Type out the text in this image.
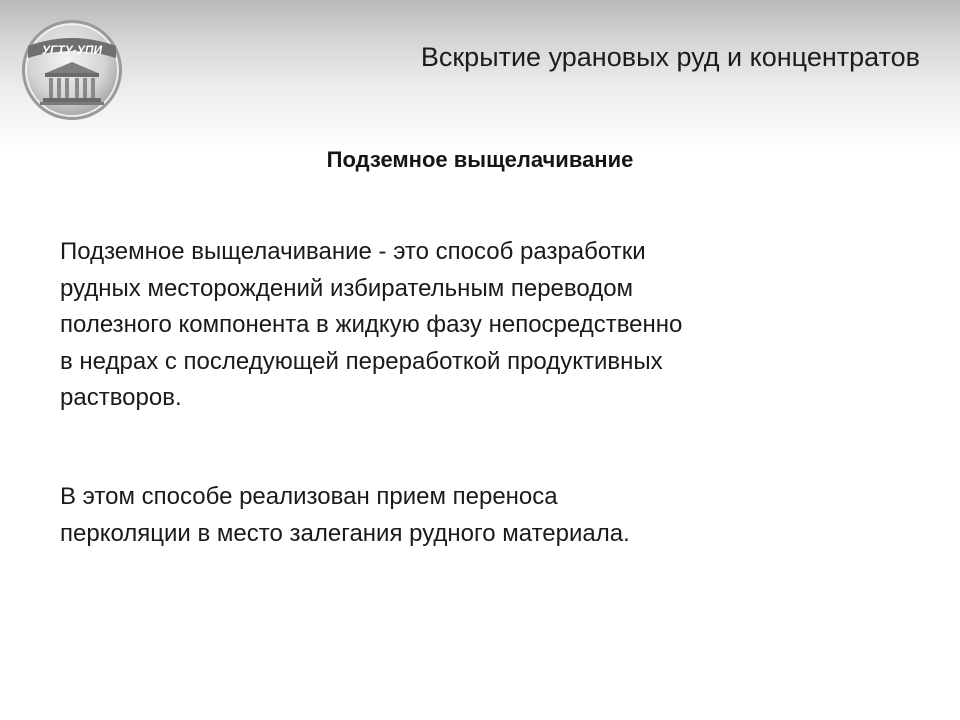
УГТУ-УПИ	Вскрытие урановых руд и концентратов
Подземное выщелачивание
Подземное выщелачивание - это способ разработки
рудных месторождений избирательным переводом
полезного компонента в жидкую фазу непосредственно
в недрах с последующей переработкой продуктивных
растворов.
В этом способе реализован прием переноса
перколяции в место залегания рудного материала.
